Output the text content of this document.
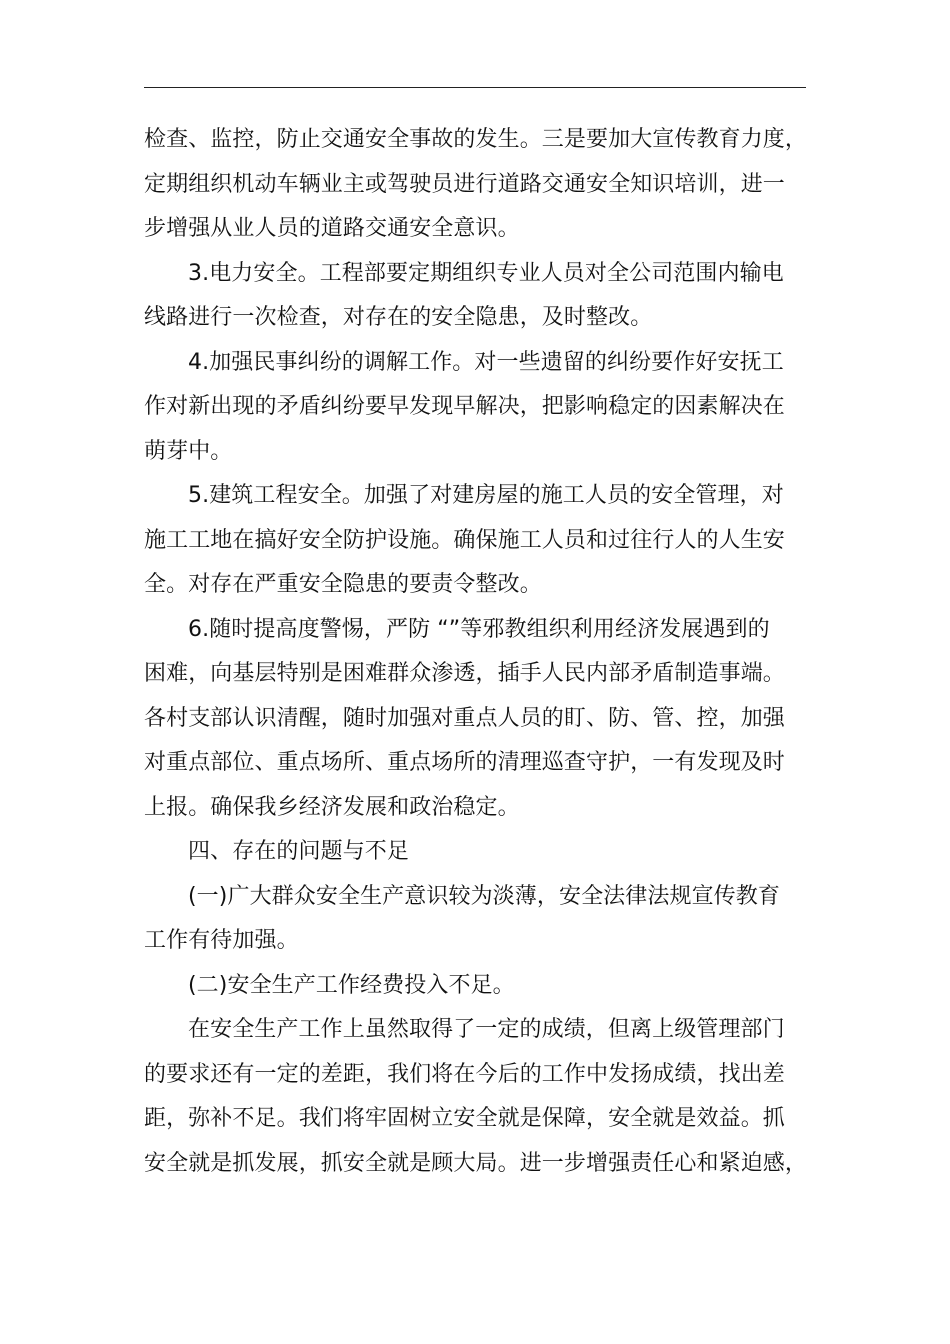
检查、监控，防止交通安全事故的发生。三是要加大宣传教育力度，
定期组织机动车辆业主或驾驶员进行道路交通安全知识培训，进一
步增强从业人员的道路交通安全意识。
3.电力安全。工程部要定期组织专业人员对全公司范围内输电
线路进行一次检查，对存在的安全隐患，及时整改。
4.加强民事纠纷的调解工作。对一些遗留的纠纷要作好安抚工
作对新出现的矛盾纠纷要早发现早解决，把影响稳定的因素解决在
萌芽中。
5.建筑工程安全。加强了对建房屋的施工人员的安全管理，对
施工工地在搞好安全防护设施。确保施工人员和过往行人的人生安
全。对存在严重安全隐患的要责令整改。
6.随时提高度警惕，严防 “”等邪教组织利用经济发展遇到的
困难，向基层特别是困难群众渗透，插手人民内部矛盾制造事端。
各村支部认识清醒，随时加强对重点人员的盯、防、管、控，加强
对重点部位、重点场所、重点场所的清理巡查守护，一有发现及时
上报。确保我乡经济发展和政治稳定。
四、存在的问题与不足
(一)广大群众安全生产意识较为淡薄，安全法律法规宣传教育
工作有待加强。
(二)安全生产工作经费投入不足。
在安全生产工作上虽然取得了一定的成绩，但离上级管理部门
的要求还有一定的差距，我们将在今后的工作中发扬成绩，找出差
距，弥补不足。我们将牢固树立安全就是保障，安全就是效益。抓
安全就是抓发展，抓安全就是顾大局。进一步增强责任心和紧迫感，
